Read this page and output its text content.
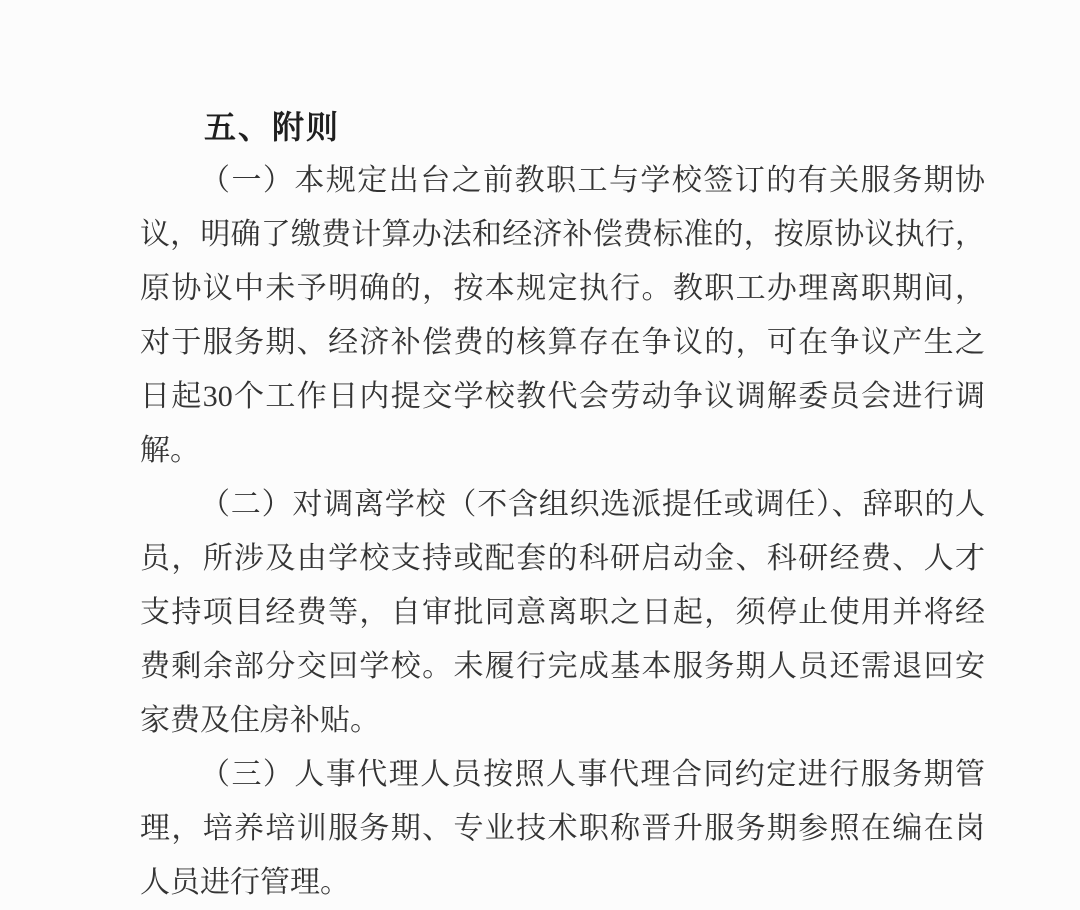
五、附则
（一）本规定出台之前教职工与学校签订的有关服务期协
议，明确了缴费计算办法和经济补偿费标准的，按原协议执行，
原协议中未予明确的，按本规定执行。教职工办理离职期间，
对于服务期、经济补偿费的核算存在争议的，可在争议产生之
日起30个工作日内提交学校教代会劳动争议调解委员会进行调
解。
（二）对调离学校（不含组织选派提任或调任）、辞职的人
员，所涉及由学校支持或配套的科研启动金、科研经费、人才
支持项目经费等，自审批同意离职之日起，须停止使用并将经
费剩余部分交回学校。未履行完成基本服务期人员还需退回安
家费及住房补贴。
（三）人事代理人员按照人事代理合同约定进行服务期管
理，培养培训服务期、专业技术职称晋升服务期参照在编在岗
人员进行管理。
